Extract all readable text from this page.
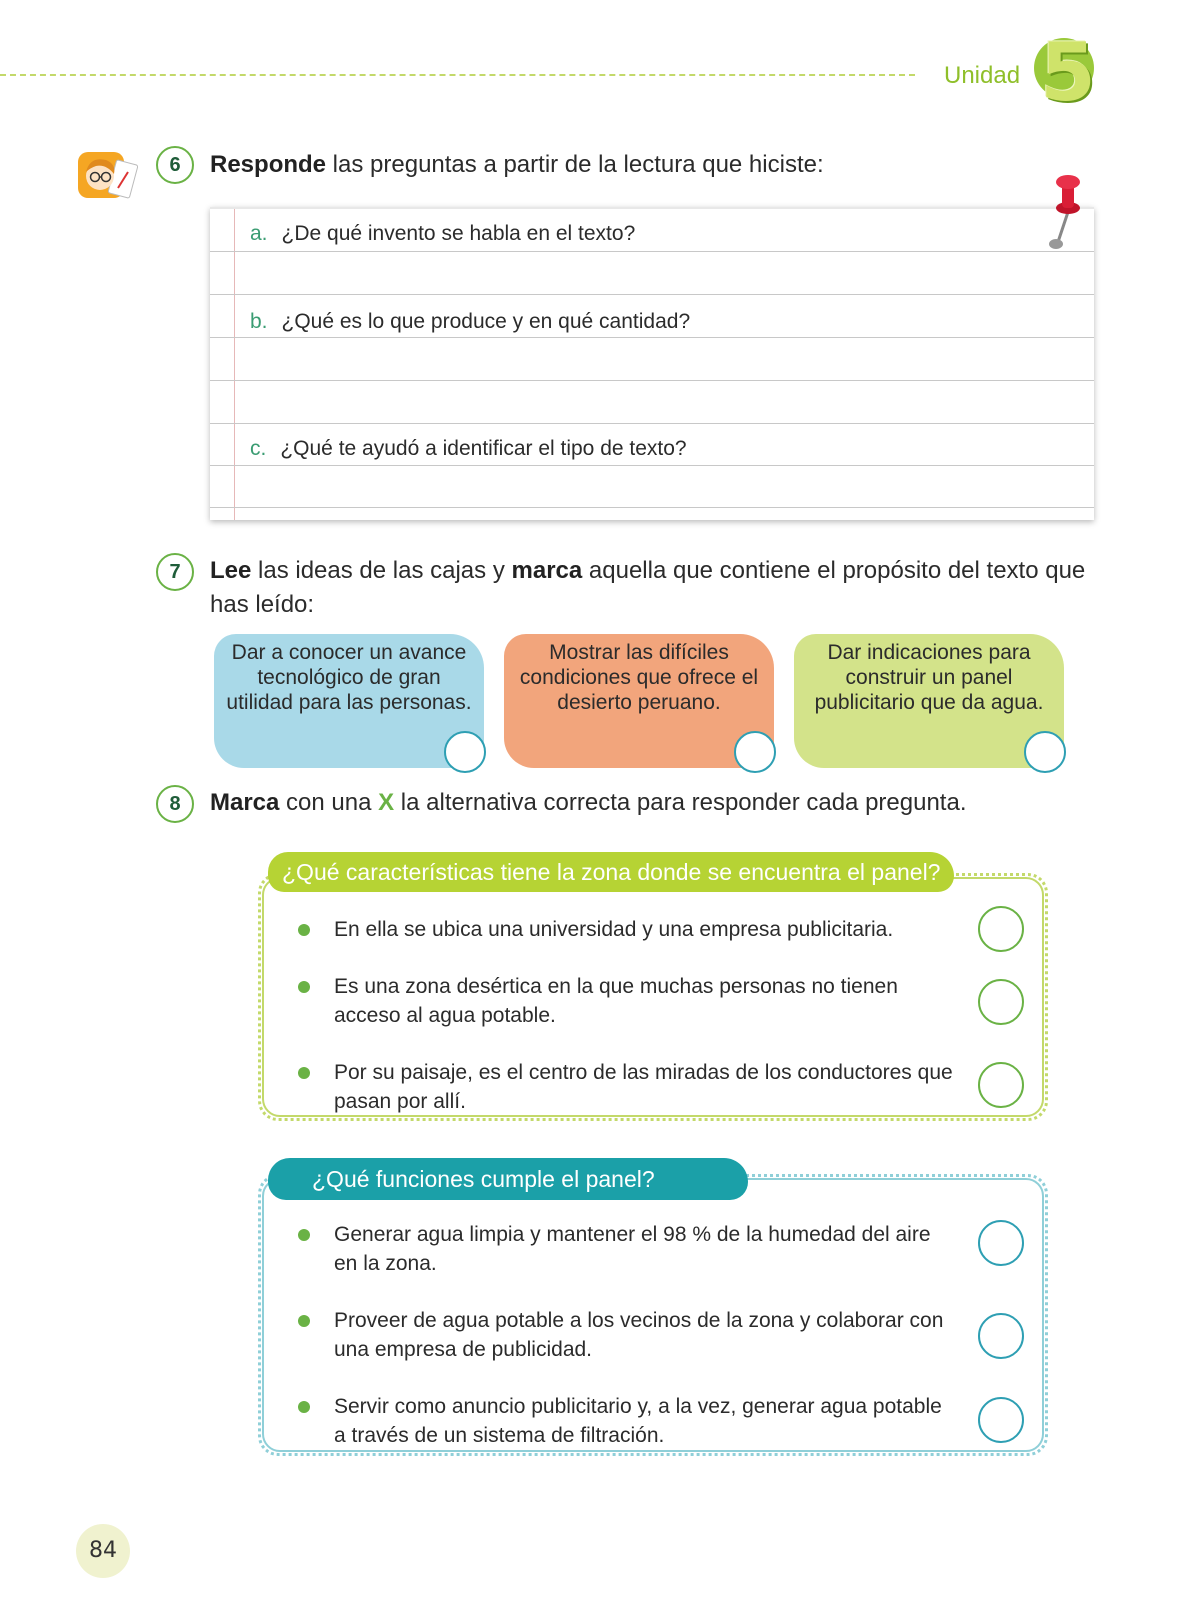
Unidad 5
6	Responde las preguntas a partir de la lectura que hiciste:
a. ¿De qué invento se habla en el texto?
b. ¿Qué es lo que produce y en qué cantidad?
c. ¿Qué te ayudó a identificar el tipo de texto?
7	Lee las ideas de las cajas y marca aquella que contiene el propósito del texto que has leído:
Dar a conocer un avance tecnológico de gran utilidad para las personas.
Mostrar las difíciles condiciones que ofrece el desierto peruano.
Dar indicaciones para construir un panel publicitario que da agua.
8	Marca con una X la alternativa correcta para responder cada pregunta.
¿Qué características tiene la zona donde se encuentra el panel?
En ella se ubica una universidad y una empresa publicitaria.
Es una zona desértica en la que muchas personas no tienen acceso al agua potable.
Por su paisaje, es el centro de las miradas de los conductores que pasan por allí.
¿Qué funciones cumple el panel?
Generar agua limpia y mantener el 98 % de la humedad del aire en la zona.
Proveer de agua potable a los vecinos de la zona y colaborar con una empresa de publicidad.
Servir como anuncio publicitario y, a la vez, generar agua potable a través de un sistema de filtración.
84
